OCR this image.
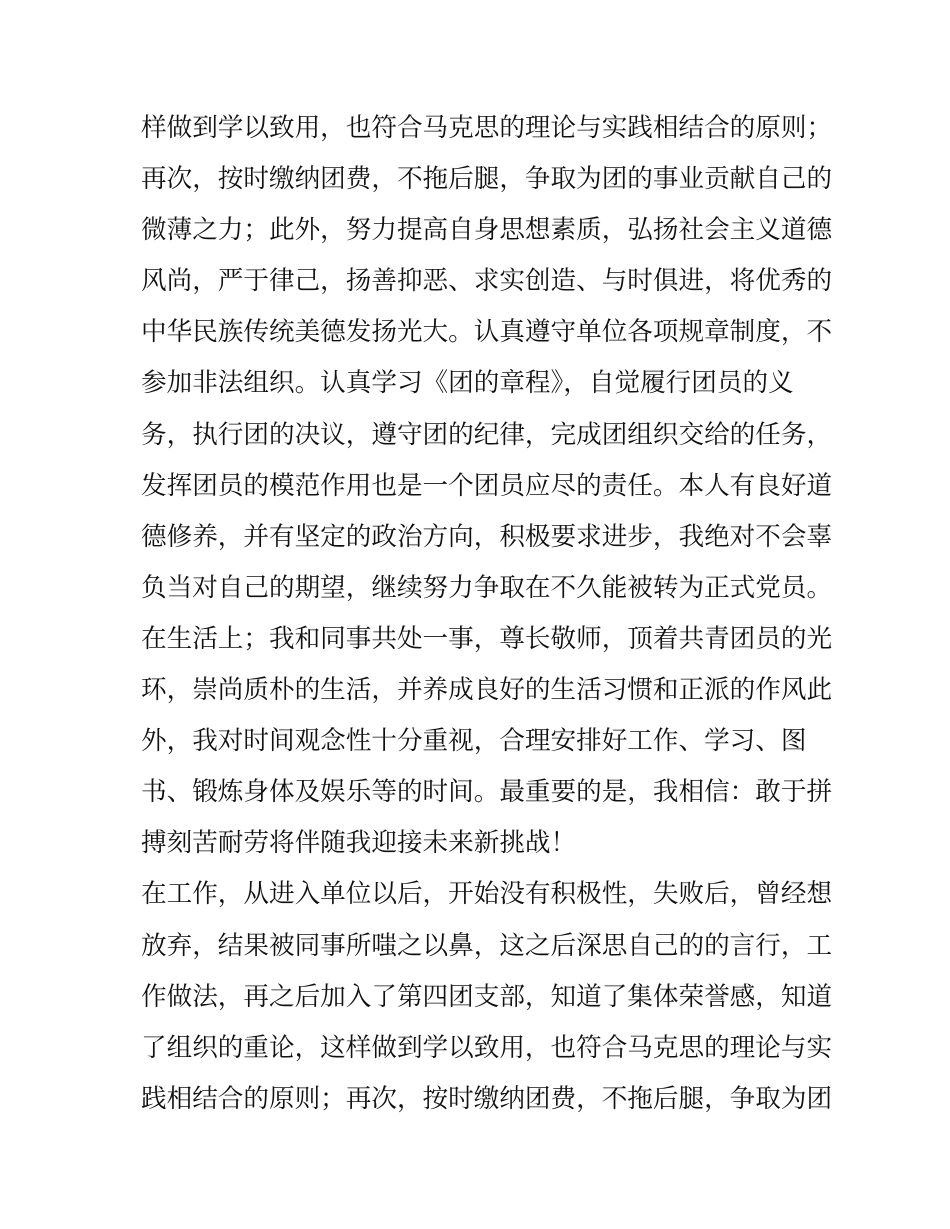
样做到学以致用，也符合马克思的理论与实践相结合的原则；
再次，按时缴纳团费，不拖后腿，争取为团的事业贡献自己的
微薄之力；此外，努力提高自身思想素质，弘扬社会主义道德
风尚，严于律己，扬善抑恶、求实创造、与时俱进，将优秀的
中华民族传统美德发扬光大。认真遵守单位各项规章制度，不
参加非法组织。认真学习《团的章程》，自觉履行团员的义
务，执行团的决议，遵守团的纪律，完成团组织交给的任务，
发挥团员的模范作用也是一个团员应尽的责任。本人有良好道
德修养，并有坚定的政治方向，积极要求进步，我绝对不会辜
负当对自己的期望，继续努力争取在不久能被转为正式党员。
在生活上；我和同事共处一事，尊长敬师，顶着共青团员的光
环，崇尚质朴的生活，并养成良好的生活习惯和正派的作风此
外，我对时间观念性十分重视，合理安排好工作、学习、图
书、锻炼身体及娱乐等的时间。最重要的是，我相信：敢于拼
搏刻苦耐劳将伴随我迎接未来新挑战！
在工作，从进入单位以后，开始没有积极性，失败后，曾经想
放弃，结果被同事所嗤之以鼻，这之后深思自己的的言行，工
作做法，再之后加入了第四团支部，知道了集体荣誉感，知道
了组织的重论，这样做到学以致用，也符合马克思的理论与实
践相结合的原则；再次，按时缴纳团费，不拖后腿，争取为团
